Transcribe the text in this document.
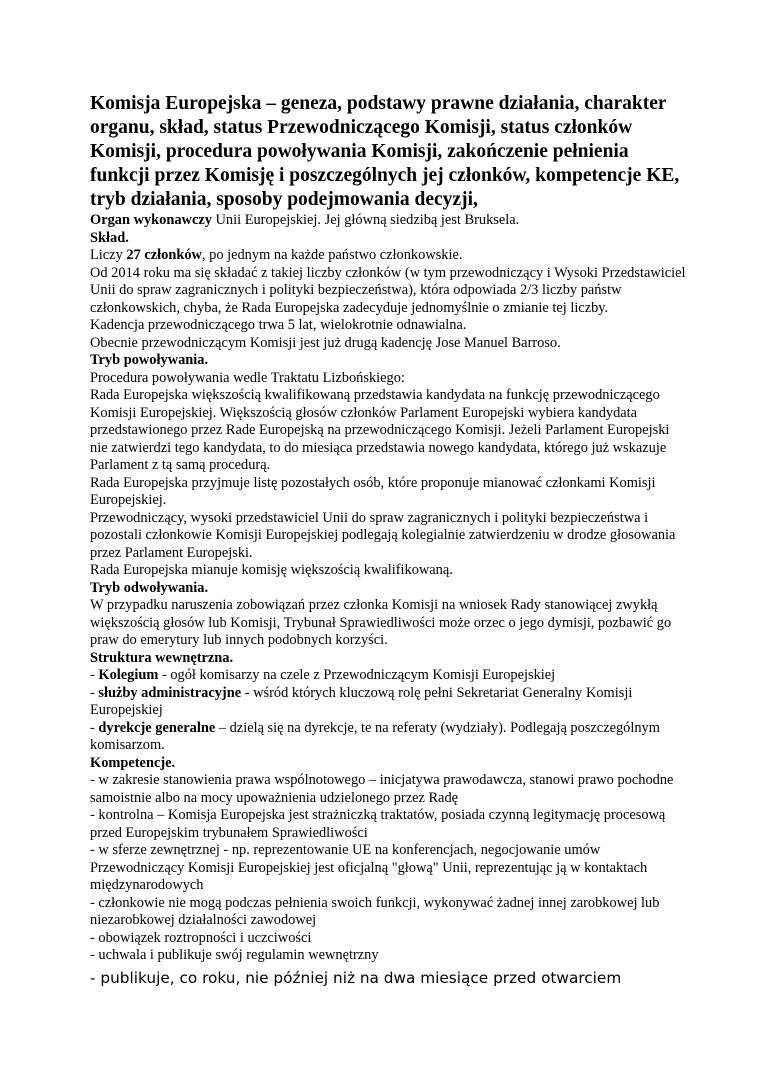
Komisja Europejska – geneza, podstawy prawne działania, charakter organu, skład, status Przewodniczącego Komisji, status członków Komisji, procedura powoływania Komisji, zakończenie pełnienia funkcji przez Komisję i poszczególnych jej członków, kompetencje KE, tryb działania, sposoby podejmowania decyzji,

Organ wykonawczy Unii Europejskiej. Jej główną siedzibą jest Bruksela.

Skład.

Liczy 27 członków, po jednym na każde państwo członkowskie.

Od 2014 roku ma się składać z takiej liczby członków (w tym przewodniczący i Wysoki Przedstawiciel Unii do spraw zagranicznych i polityki bezpieczeństwa), która odpowiada 2/3 liczby państw członkowskich, chyba, że Rada Europejska zadecyduje jednomyślnie o zmianie tej liczby.

Kadencja przewodniczącego trwa 5 lat, wielokrotnie odnawialna.

Obecnie przewodniczącym Komisji jest już drugą kadencję Jose Manuel Barroso.

Tryb powoływania.

Procedura powoływania wedle Traktatu Lizbońskiego:

Rada Europejska większością kwalifikowaną przedstawia kandydata na funkcję przewodniczącego Komisji Europejskiej. Większością głosów członków Parlament Europejski wybiera kandydata przedstawionego przez Rade Europejską na przewodniczącego Komisji. Jeżeli Parlament Europejski nie zatwierdzi tego kandydata, to do miesiąca przedstawia nowego kandydata, którego już wskazuje Parlament z tą samą procedurą.

Rada Europejska przyjmuje listę pozostałych osób, które proponuje mianować członkami Komisji Europejskiej.

Przewodniczący, wysoki przedstawiciel Unii do spraw zagranicznych i polityki bezpieczeństwa i pozostali członkowie Komisji Europejskiej podlegają kolegialnie zatwierdzeniu w drodze głosowania przez Parlament Europejski.

Rada Europejska mianuje komisję większością kwalifikowaną.

Tryb odwoływania.

W przypadku naruszenia zobowiązań przez członka Komisji na wniosek Rady stanowiącej zwykłą większością głosów lub Komisji, Trybunał Sprawiedliwości może orzec o jego dymisji, pozbawić go praw do emerytury lub innych podobnych korzyści.

Struktura wewnętrzna.

- Kolegium - ogół komisarzy na czele z Przewodniczącym Komisji Europejskiej

- służby administracyjne - wśród których kluczową rolę pełni Sekretariat Generalny Komisji Europejskiej

- dyrekcje generalne – dzielą się na dyrekcje, te na referaty (wydziały). Podlegają poszczególnym komisarzom.

Kompetencje.

- w zakresie stanowienia prawa wspólnotowego – inicjatywa prawodawcza, stanowi prawo pochodne samoistnie albo na mocy upoważnienia udzielonego przez Radę

- kontrolna – Komisja Europejska jest strażniczką traktatów, posiada czynną legitymację procesową przed Europejskim trybunałem Sprawiedliwości

- w sferze zewnętrznej - np. reprezentowanie UE na konferencjach, negocjowanie umów Przewodniczący Komisji Europejskiej jest oficjalną "głową" Unii, reprezentując ją w kontaktach międzynarodowych

- członkowie nie mogą podczas pełnienia swoich funkcji, wykonywać żadnej innej zarobkowej lub niezarobkowej działalności zawodowej

- obowiązek roztropności i uczciwości

- uchwala i publikuje swój regulamin wewnętrzny

- publikuje, co roku, nie później niż na dwa miesiące przed otwarciem
